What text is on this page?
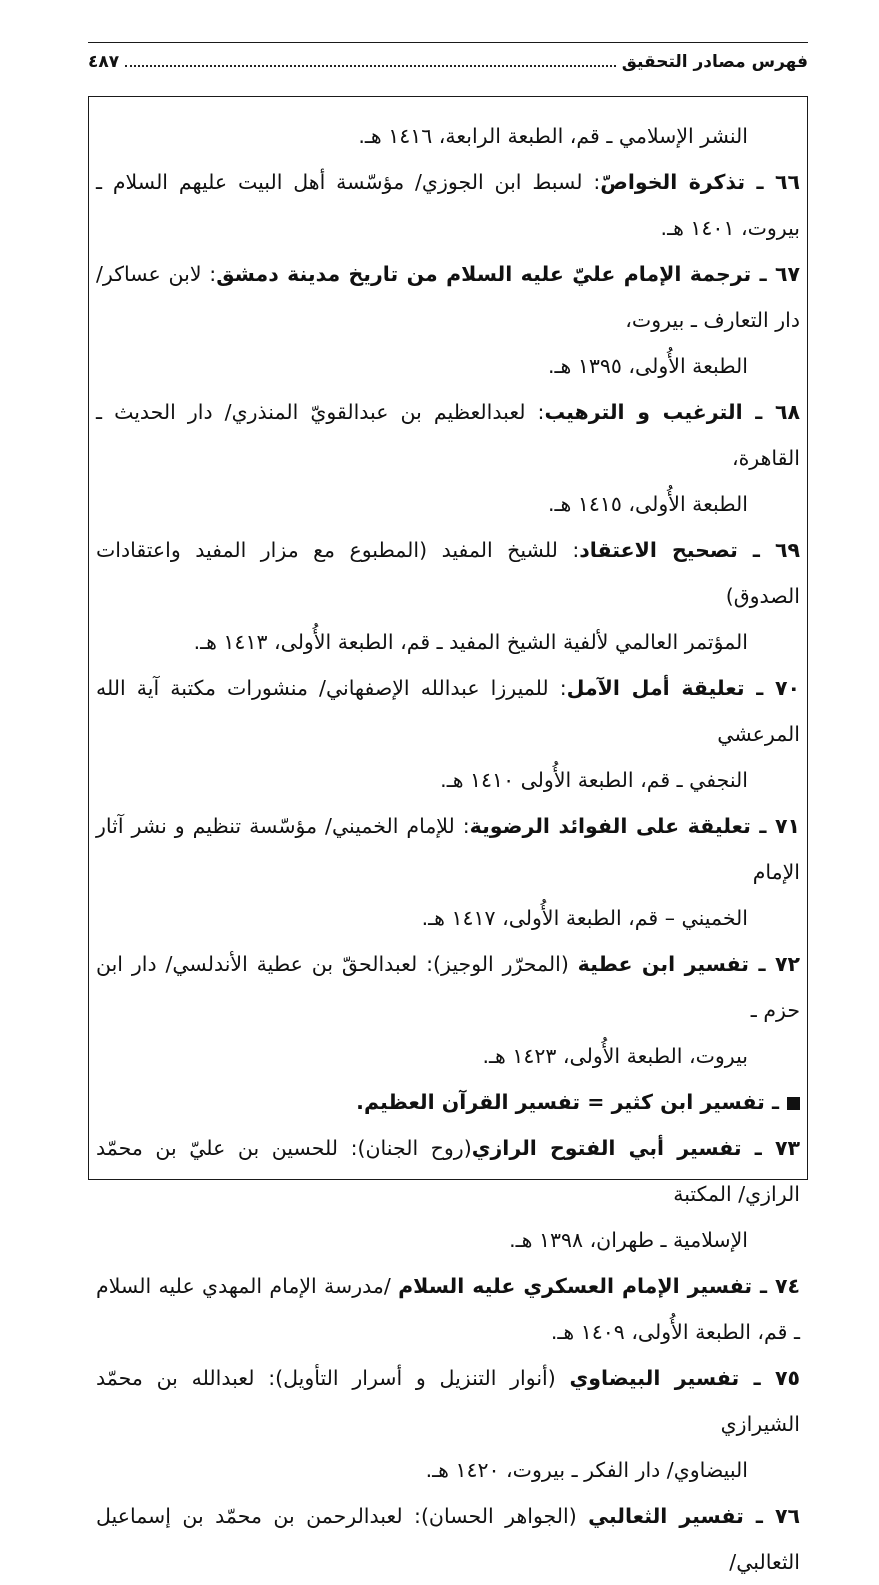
فهرس مصادر التحقيق
٤٨٧
النشر الإسلامي ـ قم، الطبعة الرابعة، ١٤١٦ هـ.
٦٦ ـ تذكرة الخواصّ: لسبط ابن الجوزي/ مؤسّسة أهل البيت عليهم السلام ـ بيروت، ١٤٠١ هـ.
٦٧ ـ ترجمة الإمام عليّ عليه السلام من تاريخ مدينة دمشق: لابن عساكر/ دار التعارف ـ بيروت،
الطبعة الأُولى، ١٣٩٥ هـ.
٦٨ ـ الترغيب و الترهيب: لعبدالعظيم بن عبدالقويّ المنذري/ دار الحديث ـ القاهرة،
الطبعة الأُولى، ١٤١٥ هـ.
٦٩ ـ تصحيح الاعتقاد: للشيخ المفيد (المطبوع مع مزار المفيد واعتقادات الصدوق)
المؤتمر العالمي لألفية الشيخ المفيد ـ قم، الطبعة الأُولى، ١٤١٣ هـ.
٧٠ ـ تعليقة أمل الآمل: للميرزا عبدالله الإصفهاني/ منشورات مكتبة آية الله المرعشي
النجفي ـ قم، الطبعة الأُولى ١٤١٠ هـ.
٧١ ـ تعليقة على الفوائد الرضوية: للإمام الخميني/ مؤسّسة تنظيم و نشر آثار الإمام
الخميني – قم، الطبعة الأُولى، ١٤١٧ هـ.
٧٢ ـ تفسير ابن عطية (المحرّر الوجيز): لعبدالحقّ بن عطية الأندلسي/ دار ابن حزم ـ
بيروت، الطبعة الأُولى، ١٤٢٣ هـ.
ـ تفسير ابن كثير = تفسير القرآن العظيم.
٧٣ ـ تفسير أبي الفتوح الرازي(روح الجنان): للحسين بن عليّ بن محمّد الرازي/ المكتبة
الإسلامية ـ طهران، ١٣٩٨ هـ.
٧٤ ـ تفسير الإمام العسكري عليه السلام /مدرسة الإمام المهدي عليه السلام ـ قم، الطبعة الأُولى، ١٤٠٩ هـ.
٧٥ ـ تفسير البيضاوي (أنوار التنزيل و أسرار التأويل): لعبدالله بن محمّد الشيرازي
البيضاوي/ دار الفكر ـ بيروت، ١٤٢٠ هـ.
٧٦ ـ تفسير الثعالبي (الجواهر الحسان): لعبدالرحمن بن محمّد بن إسماعيل الثعالبي/
